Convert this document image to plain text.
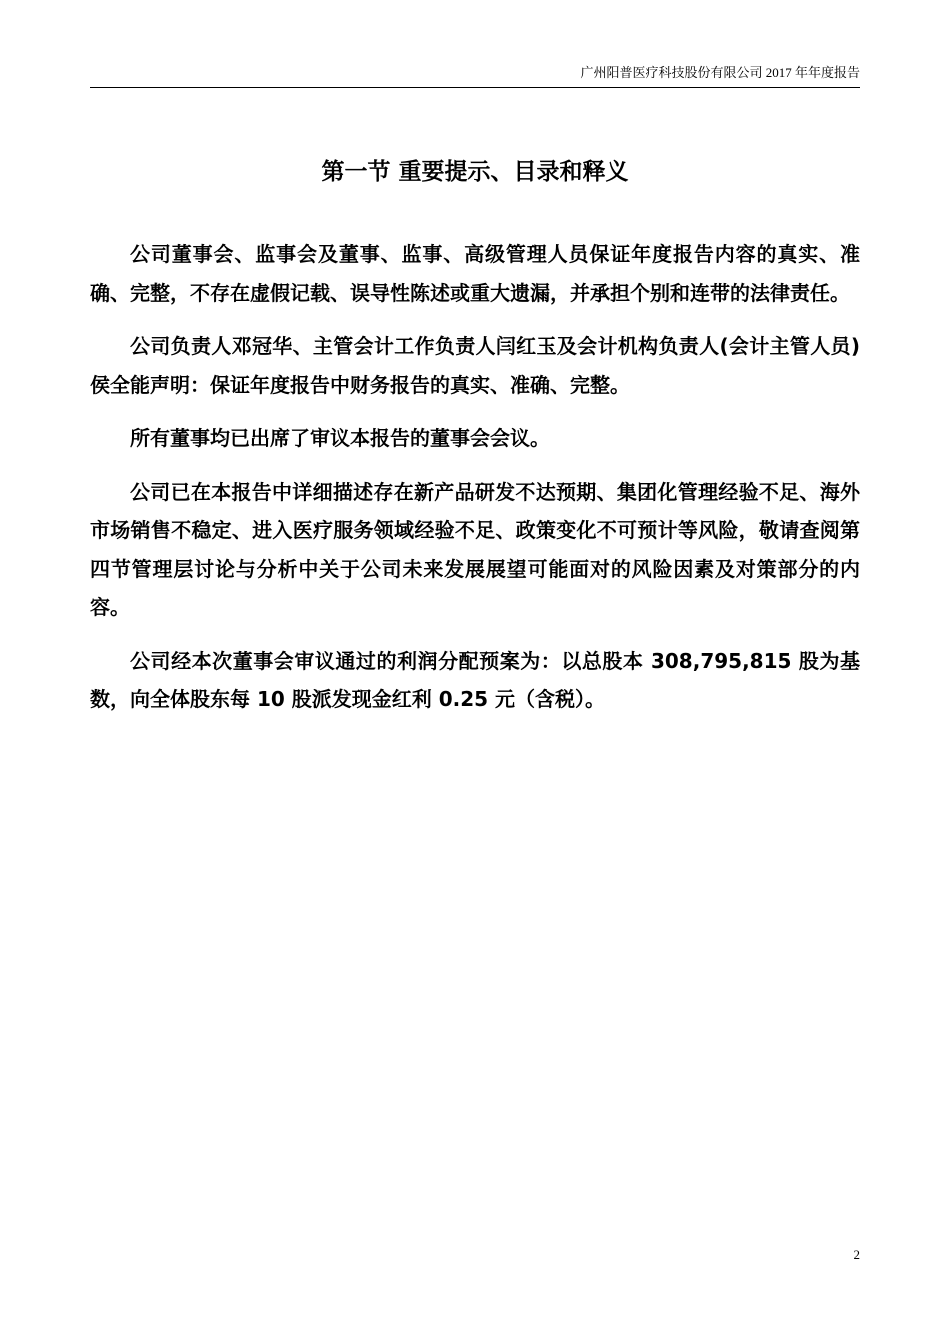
广州阳普医疗科技股份有限公司 2017 年年度报告
第一节 重要提示、目录和释义

公司董事会、监事会及董事、监事、高级管理人员保证年度报告内容的真实、准确、完整，不存在虚假记载、误导性陈述或重大遗漏，并承担个别和连带的法律责任。

公司负责人邓冠华、主管会计工作负责人闫红玉及会计机构负责人(会计主管人员)侯全能声明：保证年度报告中财务报告的真实、准确、完整。

所有董事均已出席了审议本报告的董事会会议。

公司已在本报告中详细描述存在新产品研发不达预期、集团化管理经验不足、海外市场销售不稳定、进入医疗服务领域经验不足、政策变化不可预计等风险，敬请查阅第四节管理层讨论与分析中关于公司未来发展展望可能面对的风险因素及对策部分的内容。

公司经本次董事会审议通过的利润分配预案为：以总股本 308,795,815 股为基数，向全体股东每 10 股派发现金红利 0.25 元（含税）。

2
